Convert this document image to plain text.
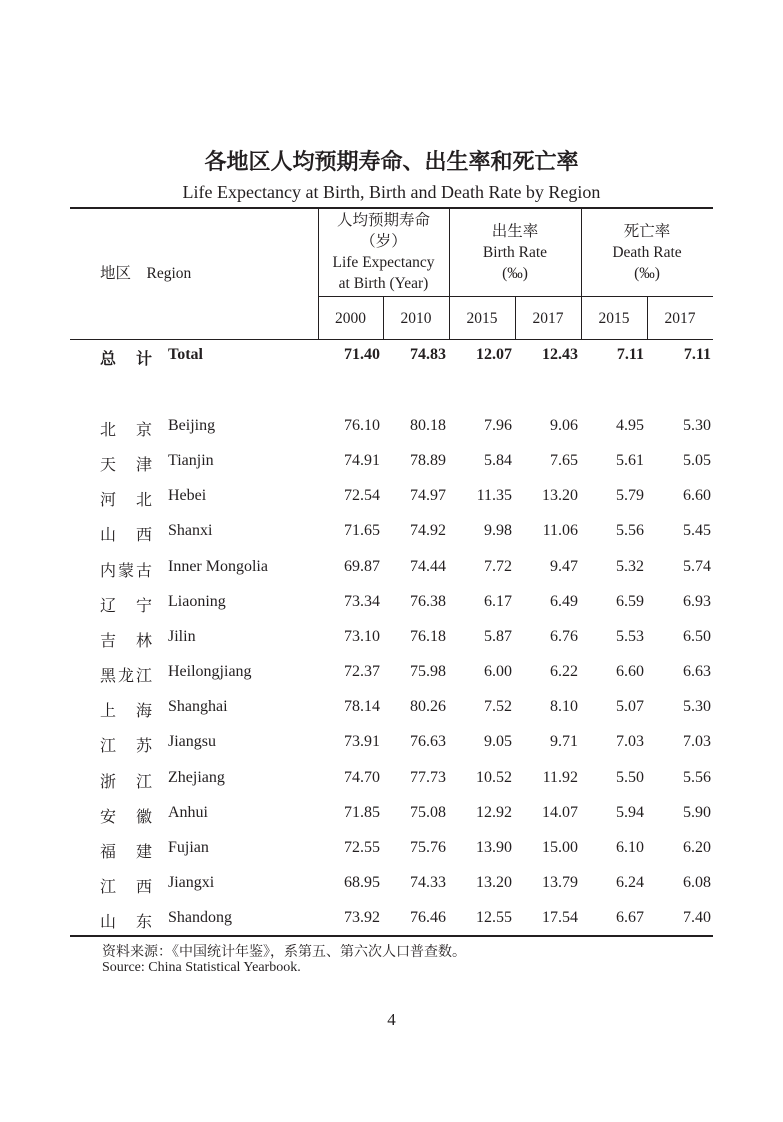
各地区人均预期寿命、出生率和死亡率
Life Expectancy at Birth, Birth and Death Rate by Region
地区　Region
人均预期寿命
（岁）
Life Expectancy
at Birth (Year)
出生率
Birth Rate
(‰)
死亡率
Death Rate
(‰)
2000	2010	2015	2017	2015	2017
总计 Total	71.40	74.83	12.07	12.43	7.11	7.11
北京 Beijing	76.10	80.18	7.96	9.06	4.95	5.30
天津 Tianjin	74.91	78.89	5.84	7.65	5.61	5.05
河北 Hebei	72.54	74.97	11.35	13.20	5.79	6.60
山西 Shanxi	71.65	74.92	9.98	11.06	5.56	5.45
内蒙古 Inner Mongolia	69.87	74.44	7.72	9.47	5.32	5.74
辽宁 Liaoning	73.34	76.38	6.17	6.49	6.59	6.93
吉林 Jilin	73.10	76.18	5.87	6.76	5.53	6.50
黑龙江 Heilongjiang	72.37	75.98	6.00	6.22	6.60	6.63
上海 Shanghai	78.14	80.26	7.52	8.10	5.07	5.30
江苏 Jiangsu	73.91	76.63	9.05	9.71	7.03	7.03
浙江 Zhejiang	74.70	77.73	10.52	11.92	5.50	5.56
安徽 Anhui	71.85	75.08	12.92	14.07	5.94	5.90
福建 Fujian	72.55	75.76	13.90	15.00	6.10	6.20
江西 Jiangxi	68.95	74.33	13.20	13.79	6.24	6.08
山东 Shandong	73.92	76.46	12.55	17.54	6.67	7.40
资料来源：《中国统计年鉴》，系第五、第六次人口普查数。
Source: China Statistical Yearbook.
4
